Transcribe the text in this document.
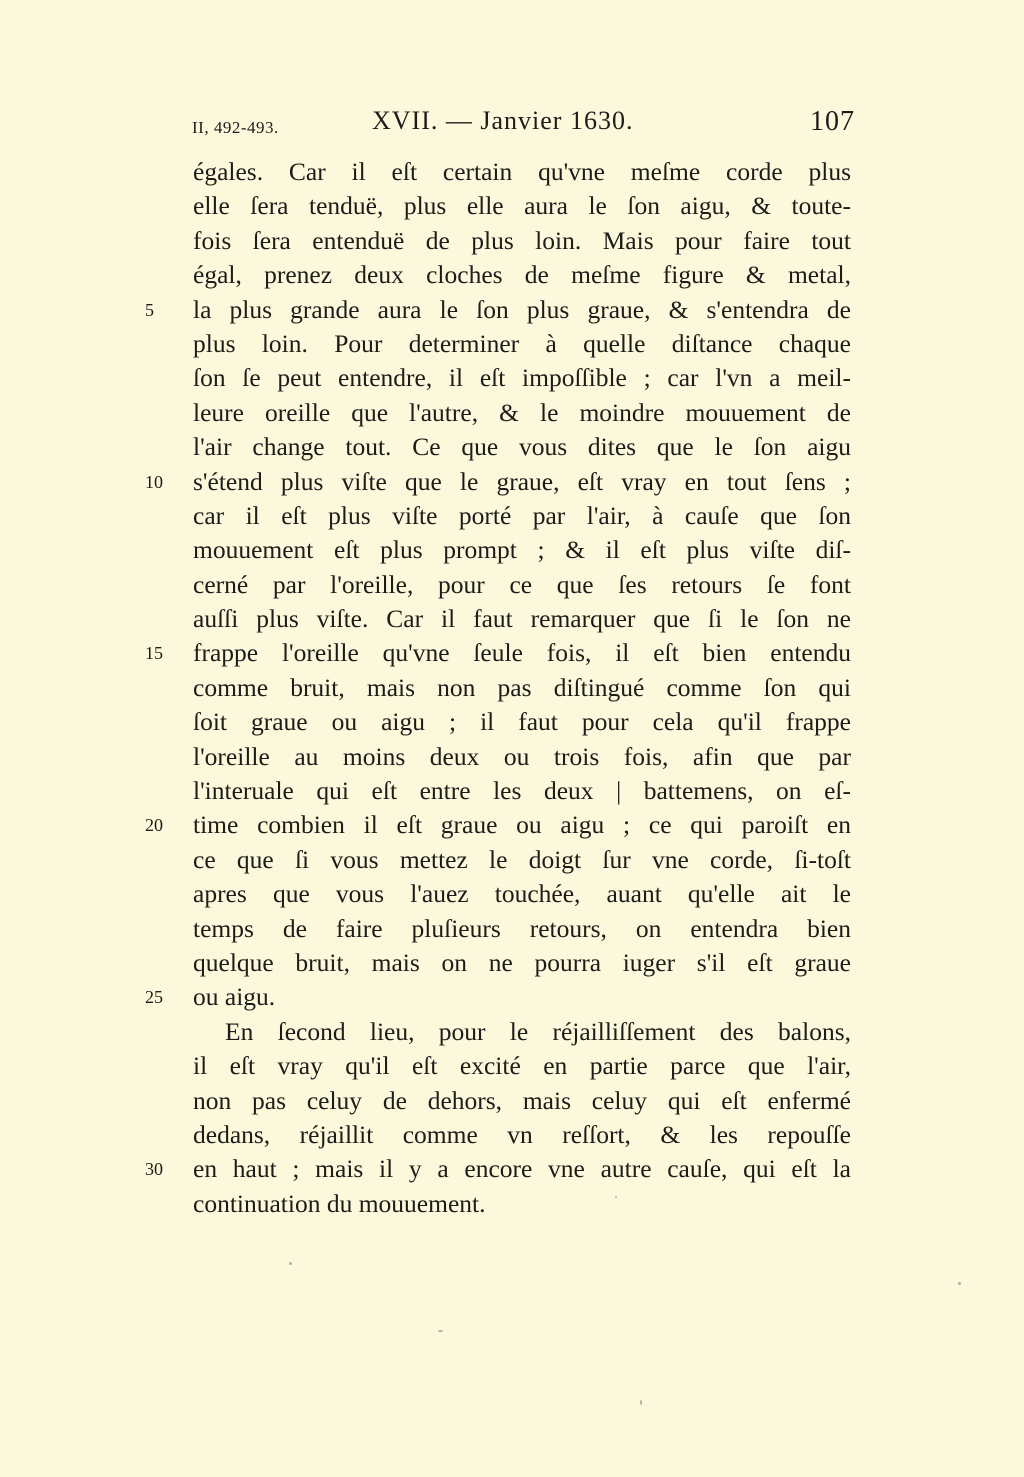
II, 492-493.	XVII. — Janvier 1630.	107
égales. Car il eſt certain qu'vne meſme corde plus
elle ſera tenduë, plus elle aura le ſon aigu, & toute-
fois ſera entenduë de plus loin. Mais pour faire tout
égal, prenez deux cloches de meſme figure & metal,
5	la plus grande aura le ſon plus graue, & s'entendra de
plus loin. Pour determiner à quelle diſtance chaque
ſon ſe peut entendre, il eſt impoſſible ; car l'vn a meil-
leure oreille que l'autre, & le moindre mouuement de
l'air change tout. Ce que vous dites que le ſon aigu
10	s'étend plus viſte que le graue, eſt vray en tout ſens ;
car il eſt plus viſte porté par l'air, à cauſe que ſon
mouuement eſt plus prompt ; & il eſt plus viſte diſ-
cerné par l'oreille, pour ce que ſes retours ſe font
auſſi plus viſte. Car il faut remarquer que ſi le ſon ne
15	frappe l'oreille qu'vne ſeule fois, il eſt bien entendu
comme bruit, mais non pas diſtingué comme ſon qui
ſoit graue ou aigu ; il faut pour cela qu'il frappe
l'oreille au moins deux ou trois fois, afin que par
l'interuale qui eſt entre les deux | battemens, on eſ-
20	time combien il eſt graue ou aigu ; ce qui paroiſt en
ce que ſi vous mettez le doigt ſur vne corde, ſi-toſt
apres que vous l'auez touchée, auant qu'elle ait le
temps de faire pluſieurs retours, on entendra bien
quelque bruit, mais on ne pourra iuger s'il eſt graue
25	ou aigu.
En ſecond lieu, pour le réjailliſſement des balons,
il eſt vray qu'il eſt excité en partie parce que l'air,
non pas celuy de dehors, mais celuy qui eſt enfermé
dedans, réjaillit comme vn reſſort, & les repouſſe
30	en haut ; mais il y a encore vne autre cauſe, qui eſt la
continuation du mouuement.
